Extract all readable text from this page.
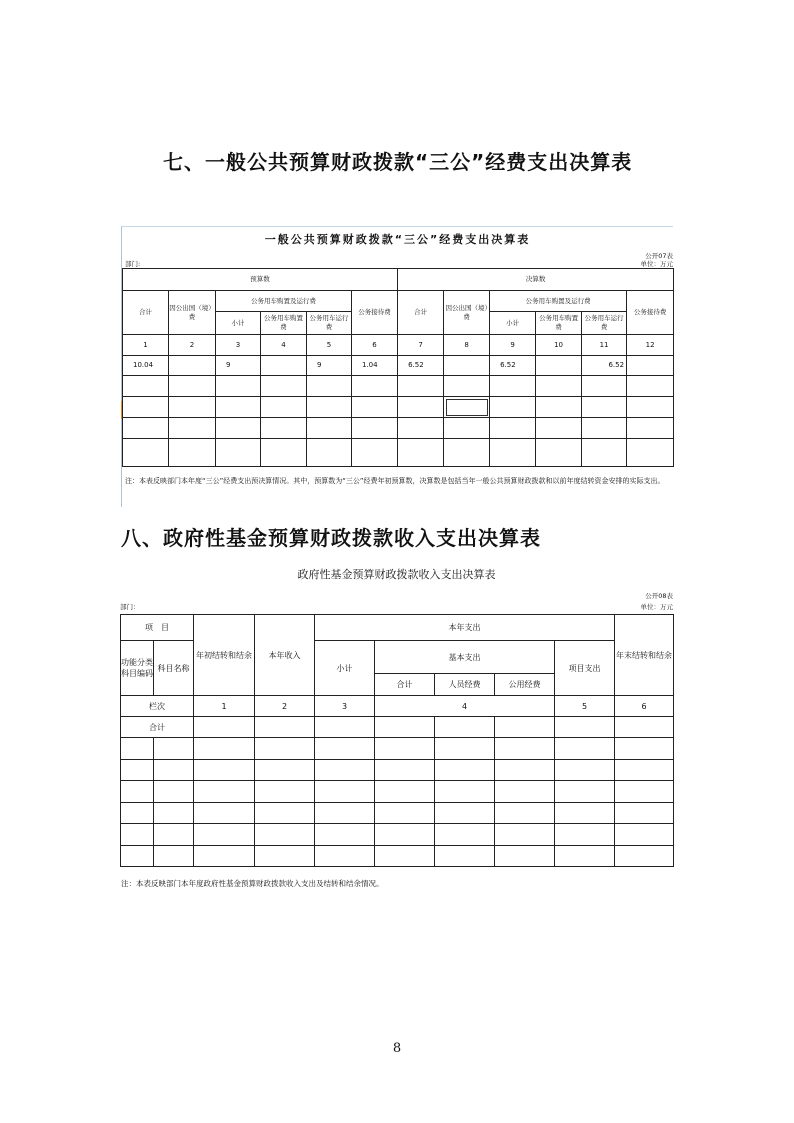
七、一般公共预算财政拨款“三公”经费支出决算表
一般公共预算财政拨款“三公”经费支出决算表
公开07表
部门:	单位：万元
预算数						决算数					
合计	因公出国（境）费	公务用车购置及运行费			公务接待费	合计	因公出国（境）费	公务用车购置及运行费			公务接待费
		小计	公务用车购置费	公务用车运行费				小计	公务用车购置费	公务用车运行费	
1	2	3	4	5	6	7	8	9	10	11	12
10.04		9		9	1.04	6.52		6.52		6.52	

注：本表反映部门本年度“三公”经费支出预决算情况。其中，预算数为“三公”经费年初预算数，决算数是包括当年一般公共预算财政拨款和以前年度结转资金安排的实际支出。
八、政府性基金预算财政拨款收入支出决算表
政府性基金预算财政拨款收入支出决算表
公开08表
部门：	单位：万元
项　目		年初结转和结余	本年收入	本年支出					年末结转和结余
功能分类科目编码	科目名称			小计	基本支出			项目支出	
					合计	人员经费	公用经费		
栏次		1	2	3	4			5	6
合计									

注：本表反映部门本年度政府性基金预算财政拨款收入支出及结转和结余情况。
8
